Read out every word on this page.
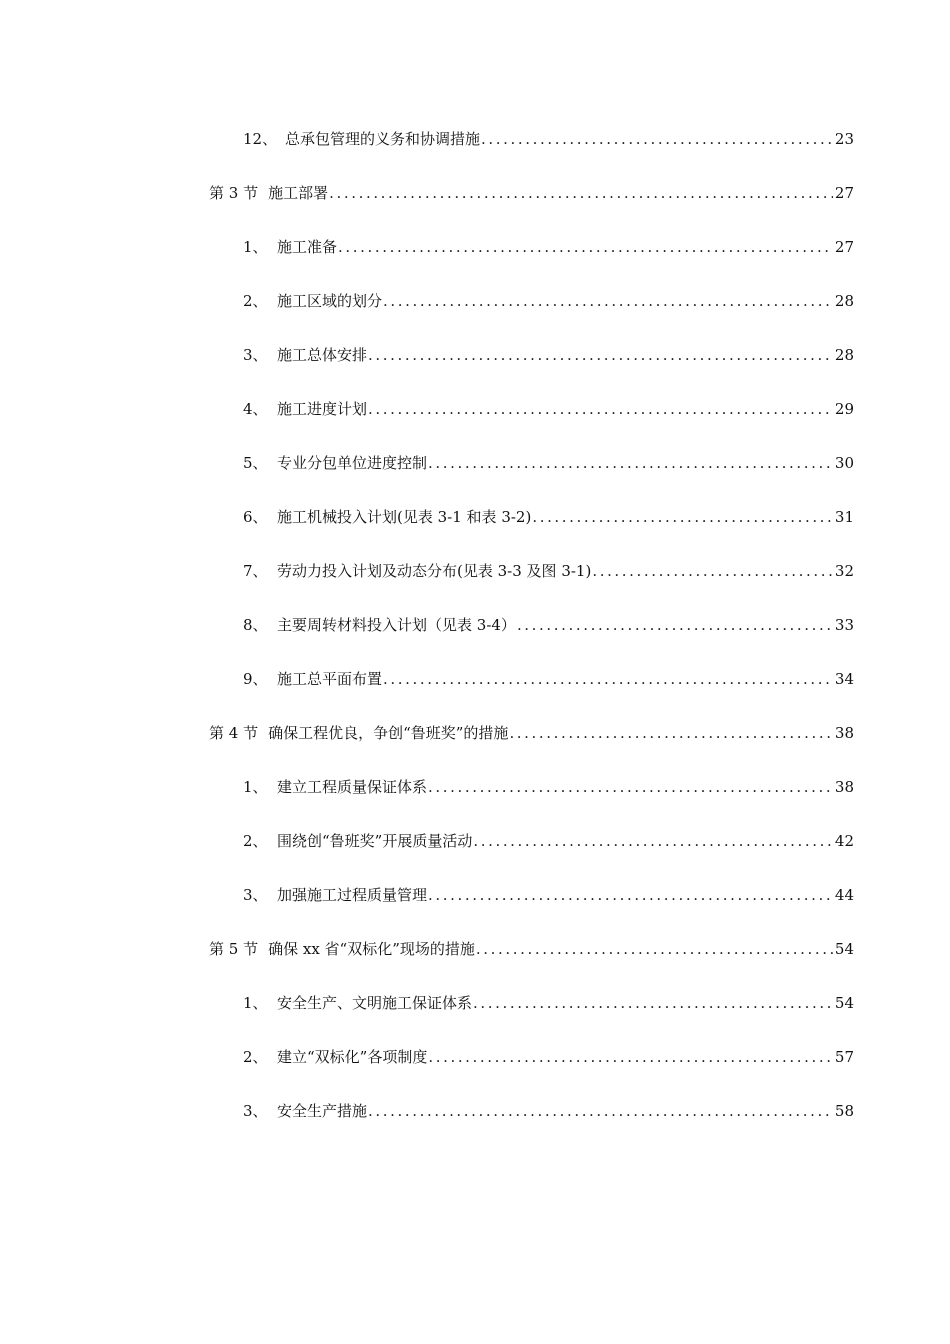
12、 总承包管理的义务和协调措施 .....	23
第 3 节 施工部署 .....	27
1、 施工准备 .....	27
2、 施工区域的划分 .....	28
3、 施工总体安排 .....	28
4、 施工进度计划 .....	29
5、 专业分包单位进度控制 .....	30
6、 施工机械投入计划(见表 3-1 和表 3-2) .....	31
7、 劳动力投入计划及动态分布(见表 3-3 及图 3-1) .....	32
8、 主要周转材料投入计划（见表 3-4） .....	33
9、 施工总平面布置 .....	34
第 4 节 确保工程优良，争创“鲁班奖”的措施 .....	38
1、 建立工程质量保证体系 .....	38
2、 围绕创“鲁班奖”开展质量活动 .....	42
3、 加强施工过程质量管理 .....	44
第 5 节 确保 xx 省“双标化”现场的措施 .....	54
1、 安全生产、文明施工保证体系 .....	54
2、 建立“双标化”各项制度 .....	57
3、 安全生产措施 .....	58
